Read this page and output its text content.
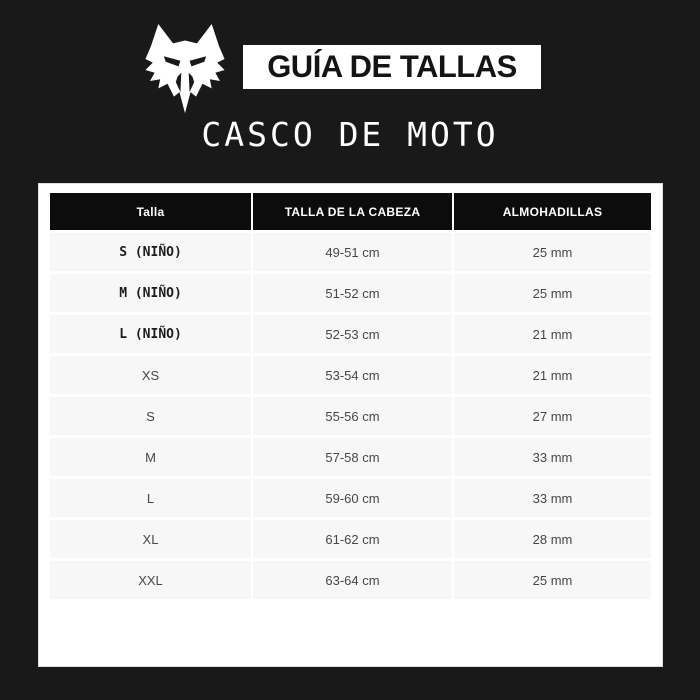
GUÍA DE TALLAS
CASCO DE MOTO
Talla	TALLA DE LA CABEZA	ALMOHADILLAS
S (NIÑO)	49-51 cm	25 mm
M (NIÑO)	51-52 cm	25 mm
L (NIÑO)	52-53 cm	21 mm
XS	53-54 cm	21 mm
S	55-56 cm	27 mm
M	57-58 cm	33 mm
L	59-60 cm	33 mm
XL	61-62 cm	28 mm
XXL	63-64 cm	25 mm
